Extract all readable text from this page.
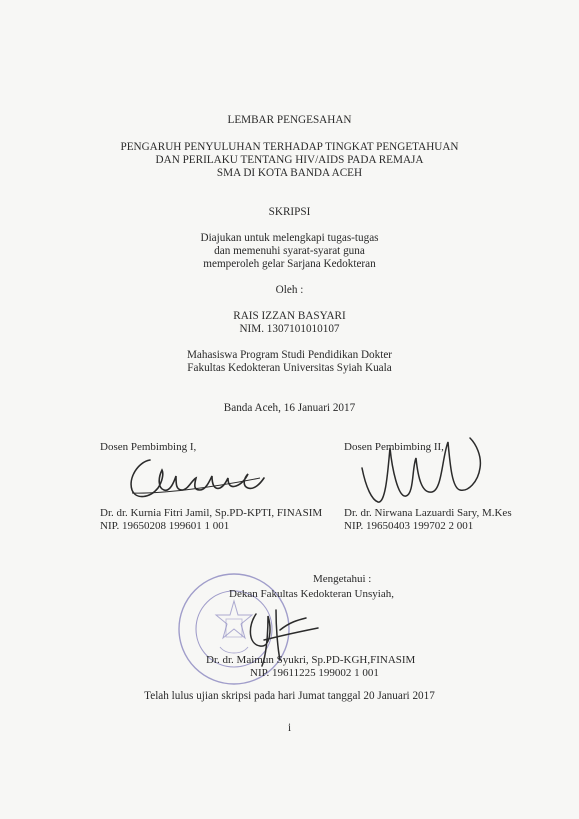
LEMBAR PENGESAHAN
PENGARUH PENYULUHAN TERHADAP TINGKAT PENGETAHUAN
DAN PERILAKU TENTANG HIV/AIDS PADA REMAJA
SMA DI KOTA BANDA ACEH
SKRIPSI
Diajukan untuk melengkapi tugas-tugas
dan memenuhi syarat-syarat guna
memperoleh gelar Sarjana Kedokteran
Oleh :
RAIS IZZAN BASYARI
NIM. 1307101010107
Mahasiswa Program Studi Pendidikan Dokter
Fakultas Kedokteran Universitas Syiah Kuala
Banda Aceh, 16 Januari 2017
Dosen Pembimbing I,
Dr. dr. Kurnia Fitri Jamil, Sp.PD-KPTI, FINASIM
NIP. 19650208 199601 1 001
Dosen Pembimbing II,
Dr. dr. Nirwana Lazuardi Sary, M.Kes
NIP. 19650403 199702 2 001
Mengetahui :
Dekan Fakultas Kedokteran Unsyiah,
Dr. dr. Maimun Syukri, Sp.PD-KGH,FINASIM
NIP. 19611225 199002 1 001
Telah lulus ujian skripsi pada hari Jumat tanggal 20 Januari 2017
i
